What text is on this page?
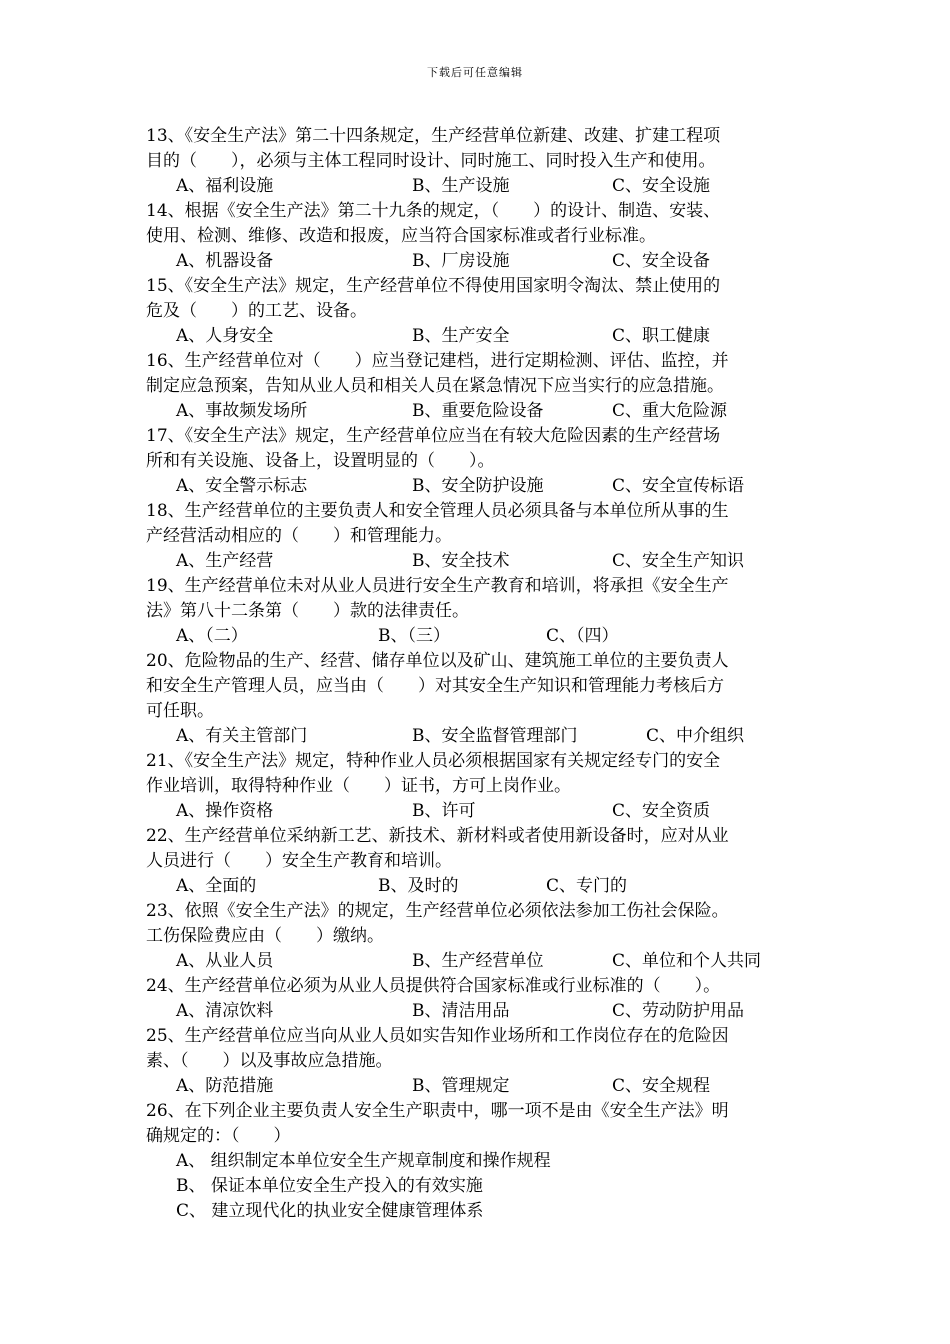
下载后可任意编辑
13、《安全生产法》第二十四条规定，生产经营单位新建、改建、扩建工程项
目的（　　），必须与主体工程同时设计、同时施工、同时投入生产和使用。
A、福利设施	B、生产设施	C、安全设施
14、根据《安全生产法》第二十九条的规定，（　　）的设计、制造、安装、
使用、检测、维修、改造和报废，应当符合国家标准或者行业标准。
A、机器设备	B、厂房设施	C、安全设备
15、《安全生产法》规定，生产经营单位不得使用国家明令淘汰、禁止使用的
危及（　　）的工艺、设备。
A、人身安全	B、生产安全	C、职工健康
16、生产经营单位对（　　）应当登记建档，进行定期检测、评估、监控，并
制定应急预案，告知从业人员和相关人员在紧急情况下应当实行的应急措施。
A、事故频发场所	B、重要危险设备	C、重大危险源
17、《安全生产法》规定，生产经营单位应当在有较大危险因素的生产经营场
所和有关设施、设备上，设置明显的（　　）。
A、安全警示标志	B、安全防护设施	C、安全宣传标语
18、生产经营单位的主要负责人和安全管理人员必须具备与本单位所从事的生
产经营活动相应的（　　）和管理能力。
A、生产经营	B、安全技术	C、安全生产知识
19、生产经营单位未对从业人员进行安全生产教育和培训，将承担《安全生产
法》第八十二条第（　　）款的法律责任。
A、（二）	B、（三）	C、（四）
20、危险物品的生产、经营、储存单位以及矿山、建筑施工单位的主要负责人
和安全生产管理人员，应当由（　　）对其安全生产知识和管理能力考核后方
可任职。
A、有关主管部门	B、安全监督管理部门	C、中介组织
21、《安全生产法》规定，特种作业人员必须根据国家有关规定经专门的安全
作业培训，取得特种作业（　　）证书，方可上岗作业。
A、操作资格	B、许可	C、安全资质
22、生产经营单位采纳新工艺、新技术、新材料或者使用新设备时，应对从业
人员进行（　　）安全生产教育和培训。
A、全面的	B、及时的	C、专门的
23、依照《安全生产法》的规定，生产经营单位必须依法参加工伤社会保险。
工伤保险费应由（　　）缴纳。
A、从业人员	B、生产经营单位	C、单位和个人共同
24、生产经营单位必须为从业人员提供符合国家标准或行业标准的（　　）。
A、清凉饮料	B、清洁用品	C、劳动防护用品
25、生产经营单位应当向从业人员如实告知作业场所和工作岗位存在的危险因
素、（　　）以及事故应急措施。
A、防范措施	B、管理规定	C、安全规程
26、在下列企业主要负责人安全生产职责中，哪一项不是由《安全生产法》明
确规定的：（　　）
A、 组织制定本单位安全生产规章制度和操作规程
B、 保证本单位安全生产投入的有效实施
C、 建立现代化的执业安全健康管理体系
